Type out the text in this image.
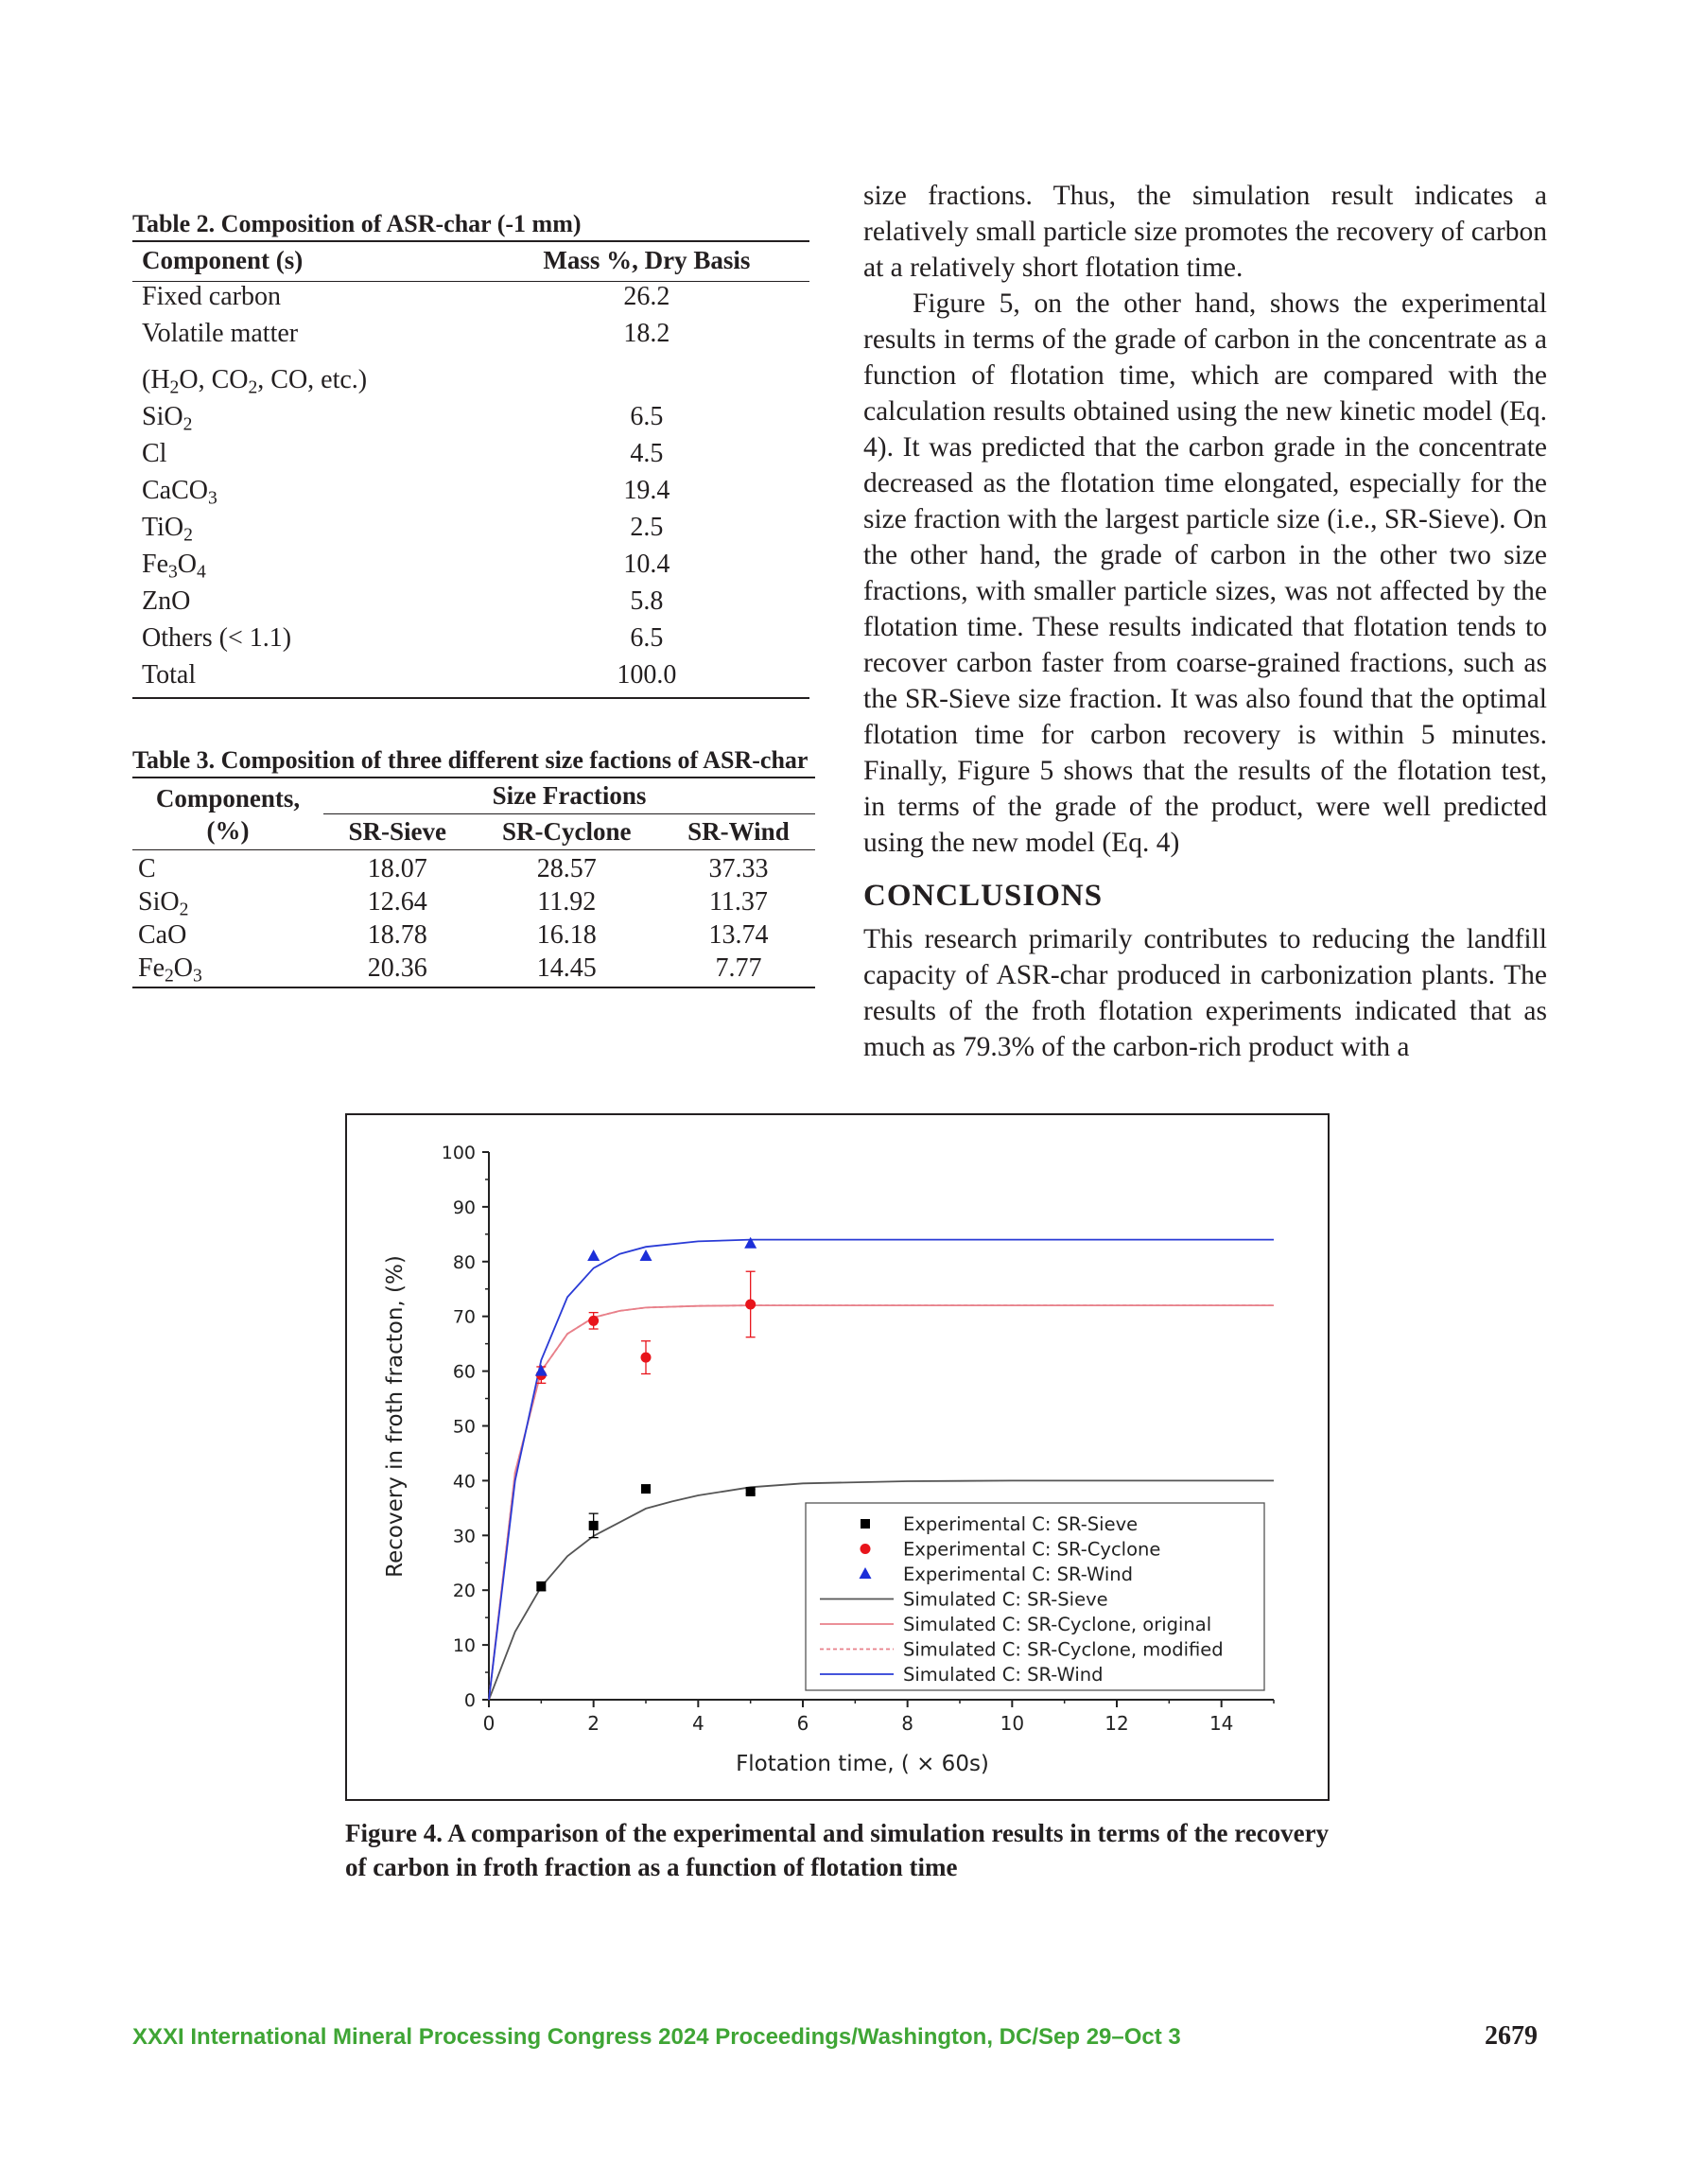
Table 2. Composition of ASR-char (-1 mm)
Component (s)	Mass %, Dry Basis
Fixed carbon	26.2
Volatile matter	18.2
($H_2O$, $CO_2$, CO, etc.)	
SiO$_2$	6.5
Cl	4.5
CaCO$_3$	19.4
TiO$_2$	2.5
$Fe_3O_4$	10.4
ZnO	5.8
Others (< 1.1)	6.5
Total	100.0
Table 3. Composition of three different size factions of ASR-char
Components, (%)	Size Fractions		
	SR-Sieve	SR-Cyclone	SR-Wind
C	18.07	28.57	37.33
SiO$_2$	12.64	11.92	11.37
CaO	18.78	16.18	13.74
$Fe_2O_3$	20.36	14.45	7.77

size fractions. Thus, the simulation result indicates a relatively small particle size promotes the recovery of carbon at a relatively short flotation time.

Figure 5, on the other hand, shows the experimental results in terms of the grade of carbon in the concentrate as a function of flotation time, which are compared with the calculation results obtained using the new kinetic model (Eq. 4). It was predicted that the carbon grade in the concentrate decreased as the flotation time elongated, especially for the size fraction with the largest particle size (i.e., SR-Sieve). On the other hand, the grade of carbon in the other two size fractions, with smaller particle sizes, was not affected by the flotation time. These results indicated that flotation tends to recover carbon faster from coarse-grained fractions, such as the SR-Sieve size fraction. It was also found that the optimal flotation time for carbon recovery is within 5 minutes. Finally, Figure 5 shows that the results of the flotation test, in terms of the grade of the product, were well predicted using the new model (Eq. 4)

CONCLUSIONS

This research primarily contributes to reducing the landfill capacity of ASR-char produced in carbonization plants. The results of the froth flotation experiments indicated that as much as 79.3% of the carbon-rich product with a

0
10
20
30
40
50
60
70
80
90
100
0	2	4	6	8	10	12	14
Flotation time, ( × 60s)
Recovery in froth fracton, (%)	Experimental C: SR-Sieve
Experimental C: SR-Cyclone
Experimental C: SR-Wind
Simulated C: SR-Sieve
Simulated C: SR-Cyclone, original
Simulated C: SR-Cyclone, modified
Simulated C: SR-Wind
Figure 4. A comparison of the experimental and simulation results in terms of the recovery of carbon in froth fraction as a function of flotation time
XXXI International Mineral Processing Congress 2024 Proceedings/Washington, DC/Sep 29–Oct 3	2679
